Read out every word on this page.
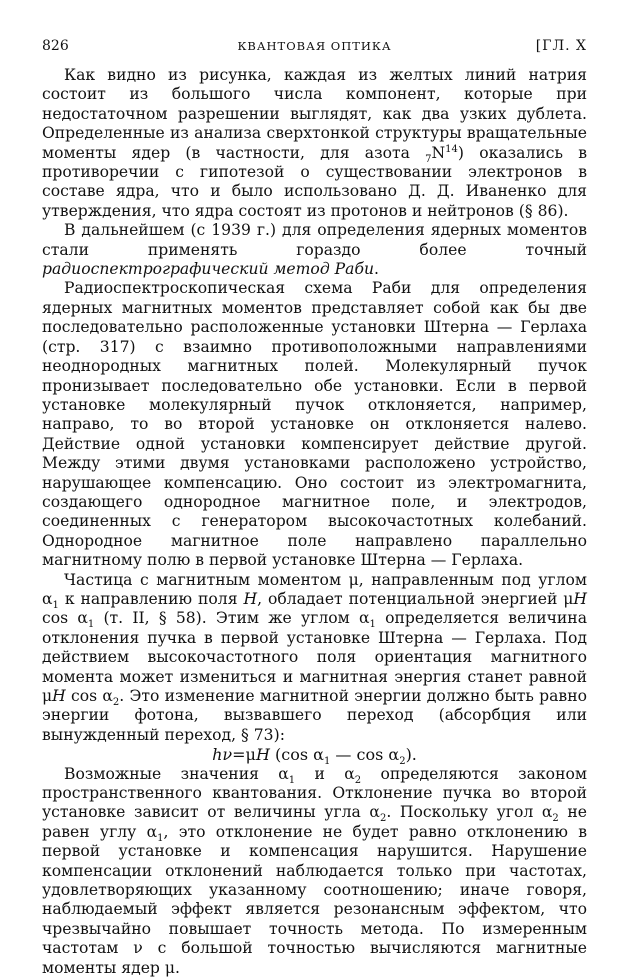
826	КВАНТОВАЯ ОПТИКА	[ГЛ. X

Как видно из рисунка, каждая из желтых линий натрия состоит из большого числа компонент, которые при недостаточном разрешении выглядят, как два узких дублета. Определенные из анализа сверхтонкой структуры вращательные моменты ядер (в частности, для азота $_7N^{14}$) оказались в противоречии с гипотезой о существовании электронов в составе ядра, что и было использовано Д. Д. Иваненко для утверждения, что ядра состоят из протонов и нейтронов (§ 86).

В дальнейшем (с 1939 г.) для определения ядерных моментов стали применять гораздо более точный радиоспектрографический метод Раби.

Радиоспектроскопическая схема Раби для определения ядерных магнитных моментов представляет собой как бы две последовательно расположенные установки Штерна — Герлаха (стр. 317) с взаимно противоположными направлениями неоднородных магнитных полей. Молекулярный пучок пронизывает последовательно обе установки. Если в первой установке молекулярный пучок отклоняется, например, направо, то во второй установке он отклоняется налево. Действие одной установки компенсирует действие другой. Между этими двумя установками расположено устройство, нарушающее компенсацию. Оно состоит из электромагнита, создающего однородное магнитное поле, и электродов, соединенных с генератором высокочастотных колебаний. Однородное магнитное поле направлено параллельно магнитному полю в первой установке Штерна — Герлаха.

Частица с магнитным моментом μ, направленным под углом $\alpha_1$ к направлению поля H, обладает потенциальной энергией μH $\cos \alpha_1$ (т. II, § 58). Этим же углом $\alpha_1$ определяется величина отклонения пучка в первой установке Штерна — Герлаха. Под действием высокочастотного поля ориентация магнитного момента может измениться и магнитная энергия станет равной μH $\cos \alpha_2$. Это изменение магнитной энергии должно быть равно энергии фотона, вызвавшего переход (абсорбция или вынужденный переход, § 73):

hν=μH (cos $\alpha_1$ — $\cos \alpha_2$).

Возможные значения $\alpha_1$ и $\alpha_2$ определяются законом пространственного квантования. Отклонение пучка во второй установке зависит от величины угла $\alpha_2$. Поскольку угол $\alpha_2$ не равен углу $\alpha_1$, это отклонение не будет равно отклонению в первой установке и компенсация нарушится. Нарушение компенсации отклонений наблюдается только при частотах, удовлетворяющих указанному соотношению; иначе говоря, наблюдаемый эффект является резонансным эффектом, что чрезвычайно повышает точность метода. По измеренным частотам ν с большой точностью вычисляются магнитные моменты ядер μ.
